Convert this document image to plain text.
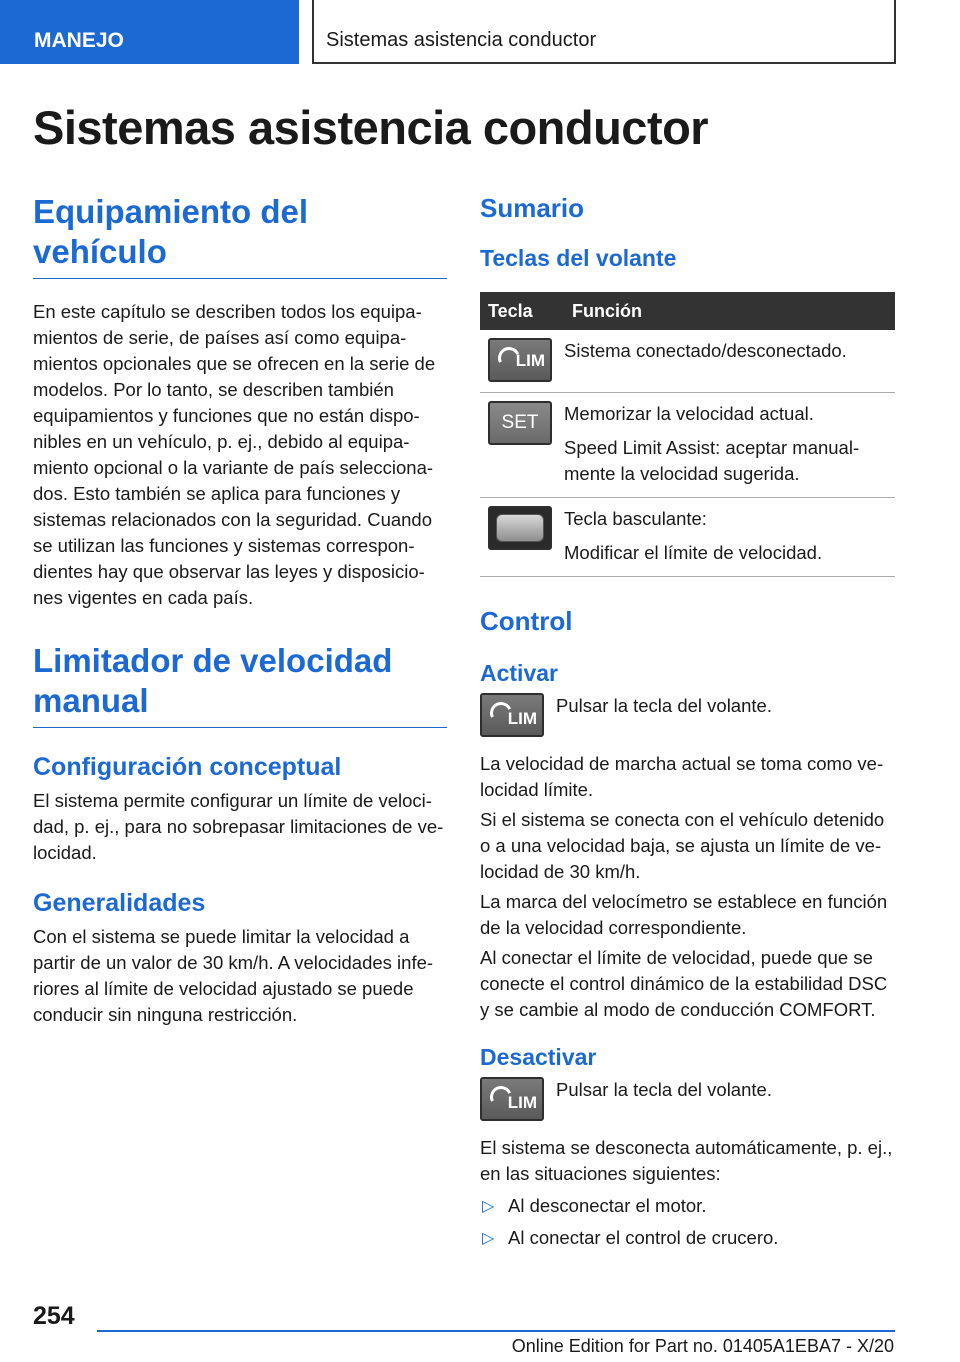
MANEJO	Sistemas asistencia conductor
Sistemas asistencia conductor
Equipamiento del vehículo

En este capítulo se describen todos los equipamientos de serie, de países así como equipamientos opcionales que se ofrecen en la serie de modelos. Por lo tanto, se describen también equipamientos y funciones que no están disponibles en un vehículo, p. ej., debido al equipamiento opcional o la variante de país seleccionados. Esto también se aplica para funciones y sistemas relacionados con la seguridad. Cuando se utilizan las funciones y sistemas correspondientes hay que observar las leyes y disposiciones vigentes en cada país.

Limitador de velocidad manual
Configuración conceptual

El sistema permite configurar un límite de velocidad, p. ej., para no sobrepasar limitaciones de velocidad.

Generalidades

Con el sistema se puede limitar la velocidad a partir de un valor de 30 km/h. A velocidades inferiores al límite de velocidad ajustado se puede conducir sin ninguna restricción.

Sumario
Teclas del volante
Tecla	Función

LIM	Sistema conectado/desconectado.

SET	Memorizar la velocidad actual.

Speed Limit Assist: aceptar manualmente la velocidad sugerida.

	Tecla basculante:

Modificar el límite de velocidad.

Control
Activar
LIM

Pulsar la tecla del volante.

La velocidad de marcha actual se toma como velocidad límite.

Si el sistema se conecta con el vehículo detenido o a una velocidad baja, se ajusta un límite de velocidad de 30 km/h.

La marca del velocímetro se establece en función de la velocidad correspondiente.

Al conectar el límite de velocidad, puede que se conecte el control dinámico de la estabilidad DSC y se cambie al modo de conducción COMFORT.

Desactivar
LIM

Pulsar la tecla del volante.

El sistema se desconecta automáticamente, p. ej., en las situaciones siguientes:

▷ Al desconectar el motor.
▷ Al conectar el control de crucero.
254
Online Edition for Part no. 01405A1EBA7 - X/20
